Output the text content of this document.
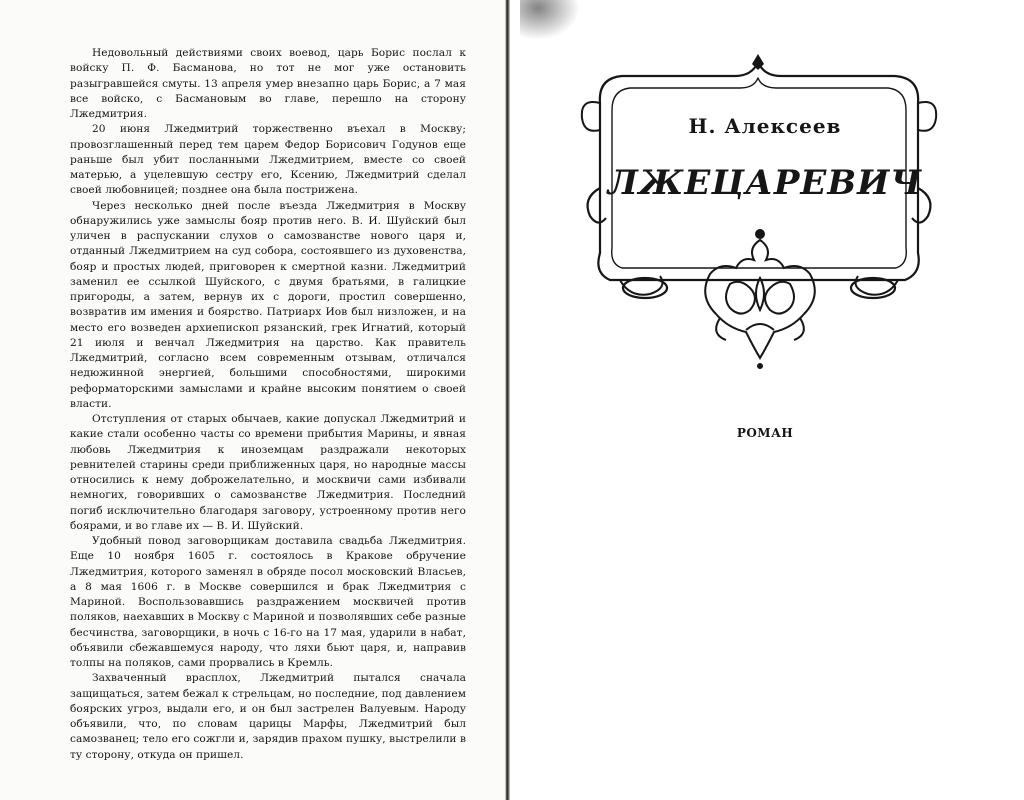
Недовольный действиями своих воевод, царь Борис послал к войску П. Ф. Басманова, но тот не мог уже остановить разыгравшейся смуты. 13 апреля умер внезапно царь Борис, а 7 мая все войско, с Басмановым во главе, перешло на сторону Лжедмитрия.

20 июня Лжедмитрий торжественно въехал в Москву; провозглашенный перед тем царем Федор Борисович Годунов еще раньше был убит посланными Лжедмитрием, вместе со своей матерью, а уцелевшую сестру его, Ксению, Лжедмитрий сделал своей любовницей; позднее она была пострижена.

Через несколько дней после въезда Лжедмитрия в Москву обнаружились уже замыслы бояр против него. В. И. Шуйский был уличен в распускании слухов о самозванстве нового царя и, отданный Лжедмитрием на суд собора, состоявшего из духовенства, бояр и простых людей, приговорен к смертной казни. Лжедмитрий заменил ее ссылкой Шуйского, с двумя братьями, в галицкие пригороды, а затем, вернув их с дороги, простил совершенно, возвратив им имения и боярство. Патриарх Иов был низложен, и на место его возведен архиепископ рязанский, грек Игнатий, который 21 июля и венчал Лжедмитрия на царство. Как правитель Лжедмитрий, согласно всем современным отзывам, отличался недюжинной энергией, большими способностями, широкими реформаторскими замыслами и крайне высоким понятием о своей власти.

Отступления от старых обычаев, какие допускал Лжедмитрий и какие стали особенно часты со времени прибытия Марины, и явная любовь Лжедмитрия к иноземцам раздражали некоторых ревнителей старины среди приближенных царя, но народные массы относились к нему доброжелательно, и москвичи сами избивали немногих, говоривших о самозванстве Лжедмитрия. Последний погиб исключительно благодаря заговору, устроенному против него боярами, и во главе их — В. И. Шуйский.

Удобный повод заговорщикам доставила свадьба Лжедмитрия. Еще 10 ноября 1605 г. состоялось в Кракове обручение Лжедмитрия, которого заменял в обряде посол московский Власьев, а 8 мая 1606 г. в Москве совершился и брак Лжедмитрия с Мариной. Воспользовавшись раздражением москвичей против поляков, наехавших в Москву с Мариной и позволявших себе разные бесчинства, заговорщики, в ночь с 16-го на 17 мая, ударили в набат, объявили сбежавшемуся народу, что ляхи бьют царя, и, направив толпы на поляков, сами прорвались в Кремль.

Захваченный врасплох, Лжедмитрий пытался сначала защищаться, затем бежал к стрельцам, но последние, под давлением боярских угроз, выдали его, и он был застрелен Валуевым. Народу объявили, что, по словам царицы Марфы, Лжедмитрий был самозванец; тело его сожгли и, зарядив прахом пушку, выстрелили в ту сторону, откуда он пришел.

Н. Алексеев
ЛЖЕЦАРЕВИЧ
РОМАН
